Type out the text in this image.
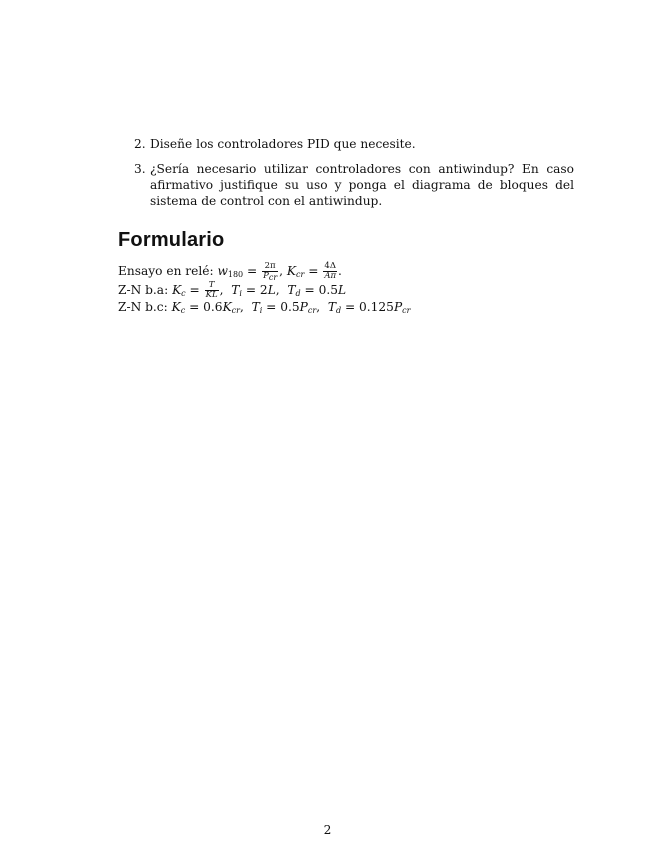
2. Diseñe los controladores PID que necesite.
3. ¿Sería necesario utilizar controladores con antiwindup? En caso afirmativo justifique su uso y ponga el diagrama de bloques del sistema de control con el antiwindup.
Formulario
Ensayo en relé: $w_{180} = \frac{2\pi}{P_{cr}}$ , $K_{cr} = \frac{4\Delta}{A\pi}$ .
Z-N b.a: $K_c = \frac{T}{KL}$ ,  $T_i = 2L$,  $T_d = 0.5L$
Z-N b.c: $K_c = 0.6K_{cr}$,  $T_i = 0.5P_{cr}$,  $T_d = 0.125P_{cr}$
2
